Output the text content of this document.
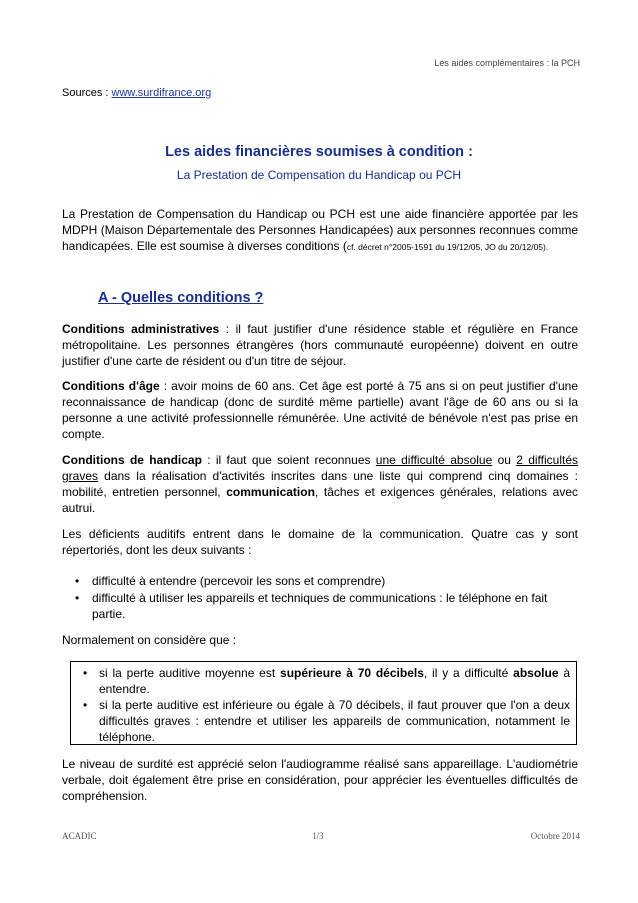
Les aides complémentaires : la PCH
Sources : www.surdifrance.org
Les aides financières soumises à condition :
La Prestation de Compensation du Handicap ou PCH
La Prestation de Compensation du Handicap ou PCH est une aide financière apportée par les MDPH (Maison Départementale des Personnes Handicapées) aux personnes reconnues comme handicapées. Elle est soumise à diverses conditions (cf. décret n°2005-1591 du 19/12/05, JO du 20/12/05).
A - Quelles conditions ?
Conditions administratives : il faut justifier d'une résidence stable et régulière en France métropolitaine. Les personnes étrangères (hors communauté européenne) doivent en outre justifier d'une carte de résident ou d'un titre de séjour.
Conditions d'âge : avoir moins de 60 ans. Cet âge est porté à 75 ans si on peut justifier d'une reconnaissance de handicap (donc de surdité même partielle) avant l'âge de 60 ans ou si la personne a une activité professionnelle rémunérée. Une activité de bénévole n'est pas prise en compte.
Conditions de handicap : il faut que soient reconnues une difficulté absolue ou 2 difficultés graves dans la réalisation d'activités inscrites dans une liste qui comprend cinq domaines : mobilité, entretien personnel, communication, tâches et exigences générales, relations avec autrui.
Les déficients auditifs entrent dans le domaine de la communication. Quatre cas y sont répertoriés, dont les deux suivants :
• difficulté à entendre (percevoir les sons et comprendre)
• difficulté à utiliser les appareils et techniques de communications : le téléphone en fait partie.
Normalement on considère que :
• si la perte auditive moyenne est supérieure à 70 décibels, il y a difficulté absolue à entendre.
• si la perte auditive est inférieure ou égale à 70 décibels, il faut prouver que l'on a deux difficultés graves : entendre et utiliser les appareils de communication, notamment le téléphone.
Le niveau de surdité est apprécié selon l'audiogramme réalisé sans appareillage. L'audiométrie verbale, doit également être prise en considération, pour apprécier les éventuelles difficultés de compréhension.
ACADIC	1/3	Octobre 2014
